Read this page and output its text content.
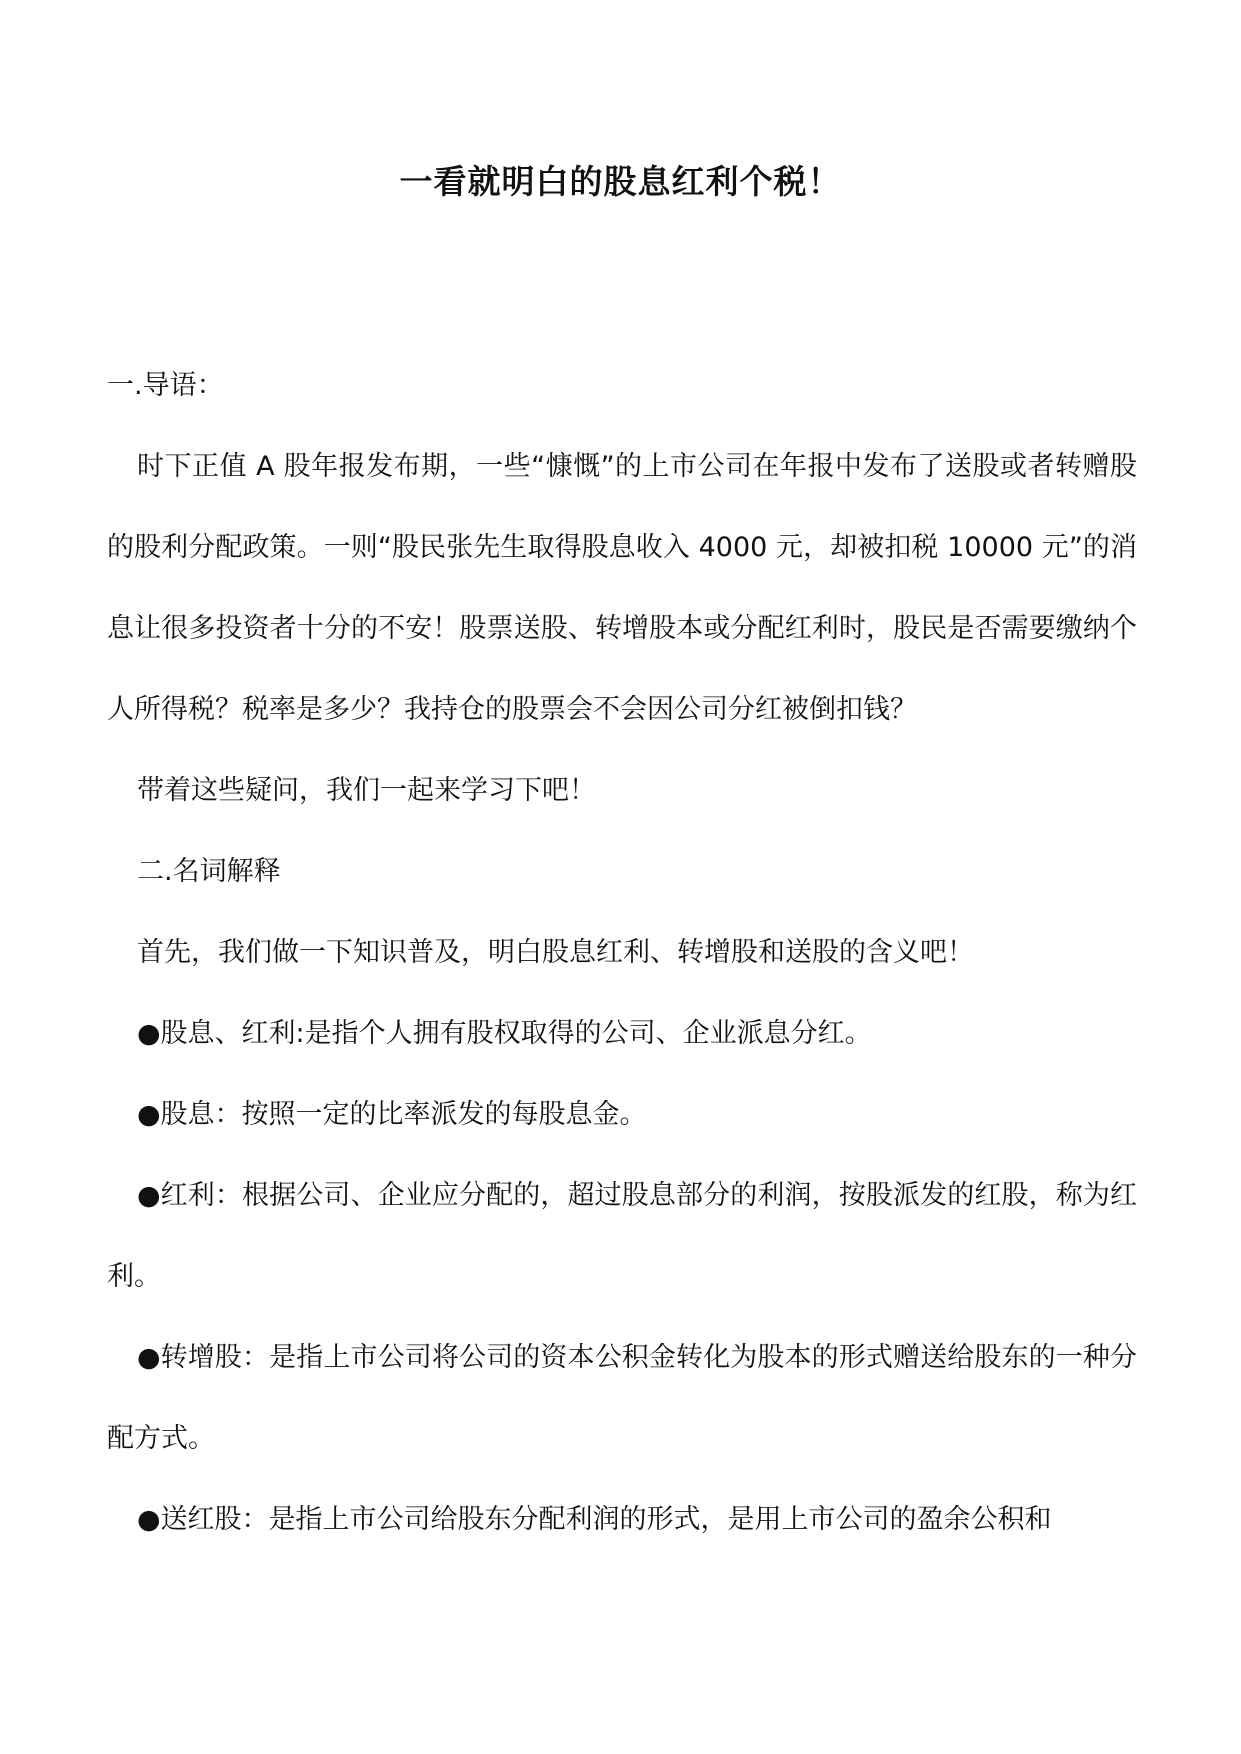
一看就明白的股息红利个税！
一.导语：

时下正值 A 股年报发布期，一些“慷慨”的上市公司在年报中发布了送股或者转赠股的股利分配政策。一则“股民张先生取得股息收入 4000 元，却被扣税 10000 元”的消息让很多投资者十分的不安！股票送股、转增股本或分配红利时，股民是否需要缴纳个人所得税？税率是多少？我持仓的股票会不会因公司分红被倒扣钱？

带着这些疑问，我们一起来学习下吧！

二.名词解释

首先，我们做一下知识普及，明白股息红利、转增股和送股的含义吧！

●股息、红利:是指个人拥有股权取得的公司、企业派息分红。

●股息：按照一定的比率派发的每股息金。

●红利：根据公司、企业应分配的，超过股息部分的利润，按股派发的红股，称为红利。

●转增股：是指上市公司将公司的资本公积金转化为股本的形式赠送给股东的一种分配方式。

●送红股：是指上市公司给股东分配利润的形式，是用上市公司的盈余公积和
